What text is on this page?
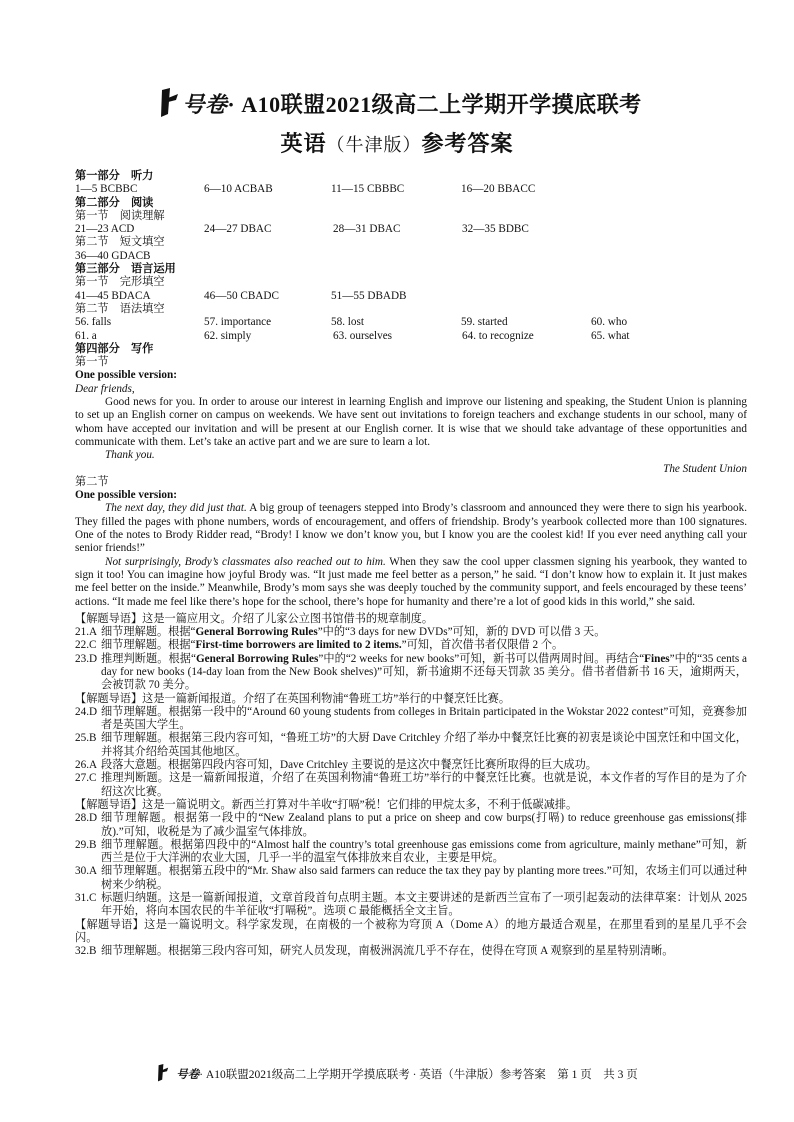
号卷· A10联盟2021级高二上学期开学摸底联考
英语（牛津版）参考答案
第一部分　听力
1—5 BCBBC	6—10 ACBAB	11—15 CBBBC	16—20 BBACC
第二部分　阅读
第一节　阅读理解
21—23 ACD	24—27 DBAC	28—31 DBAC	32—35 BDBC
第二节　短文填空
36—40 GDACB
第三部分　语言运用
第一节　完形填空
41—45 BDACA	46—50 CBADC	51—55 DBADB
第二节　语法填空
56. falls	57. importance	58. lost	59. started	60. who
61. a	62. simply	63. ourselves	64. to recognize	65. what
第四部分　写作
第一节
One possible version:
Dear friends,

Good news for you. In order to arouse our interest in learning English and improve our listening and speaking, the Student Union is planning to set up an English corner on campus on weekends. We have sent out invitations to foreign teachers and exchange students in our school, many of whom have accepted our invitation and will be present at our English corner. It is wise that we should take advantage of these opportunities and communicate with them. Let’s take an active part and we are sure to learn a lot.

Thank you.
The Student Union
第二节
One possible version:

The next day, they did just that. A big group of teenagers stepped into Brody’s classroom and announced they were there to sign his yearbook. They filled the pages with phone numbers, words of encouragement, and offers of friendship. Brody’s yearbook collected more than 100 signatures. One of the notes to Brody Ridder read, “Brody! I know we don’t know you, but I know you are the coolest kid! If you ever need anything call your senior friends!”

Not surprisingly, Brody’s classmates also reached out to him. When they saw the cool upper classmen signing his yearbook, they wanted to sign it too! You can imagine how joyful Brody was. “It just made me feel better as a person,” he said. “I don’t know how to explain it. It just makes me feel better on the inside.” Meanwhile, Brody’s mom says she was deeply touched by the community support, and feels encouraged by these teens’ actions. “It made me feel like there’s hope for the school, there’s hope for humanity and there’re a lot of good kids in this world,” she said.

【解题导语】这是一篇应用文。介绍了儿家公立图书馆借书的规章制度。
21.A 细节理解题。根据“General Borrowing Rules”中的“3 days for new DVDs”可知，新的 DVD 可以借 3 天。
22.C 细节理解题。根据“First-time borrowers are limited to 2 items.”可知，首次借书者仅限借 2 个。
23.D 推理判断题。根据“General Borrowing Rules”中的“2 weeks for new books”可知，新书可以借两周时间。再结合“Fines”中的“35 cents a day for new books (14-day loan from the New Book shelves)”可知，新书逾期不还每天罚款 35 美分。借书者借新书 16 天，逾期两天，会被罚款 70 美分。
【解题导语】这是一篇新闻报道。介绍了在英国利物浦“鲁班工坊”举行的中餐烹饪比赛。
24.D 细节理解题。根据第一段中的“Around 60 young students from colleges in Britain participated in the Wokstar 2022 contest”可知，竞赛参加者是英国大学生。
25.B 细节理解题。根据第三段内容可知，“鲁班工坊”的大厨 Dave Critchley 介绍了举办中餐烹饪比赛的初衷是谈论中国烹饪和中国文化，并将其介绍给英国其他地区。
26.A 段落大意题。根据第四段内容可知，Dave Critchley 主要说的是这次中餐烹饪比赛所取得的巨大成功。
27.C 推理判断题。这是一篇新闻报道，介绍了在英国利物浦“鲁班工坊”举行的中餐烹饪比赛。也就是说，本文作者的写作目的是为了介绍这次比赛。
【解题导语】这是一篇说明文。新西兰打算对牛羊收“打嗝”税！它们排的甲烷太多，不利于低碳减排。
28.D 细节理解题。根据第一段中的“New Zealand plans to put a price on sheep and cow burps(打嗝) to reduce greenhouse gas emissions(排放).”可知，收税是为了减少温室气体排放。
29.B 细节理解题。根据第四段中的“Almost half the country’s total greenhouse gas emissions come from agriculture, mainly methane”可知，新西兰是位于大洋洲的农业大国，几乎一半的温室气体排放来自农业，主要是甲烷。
30.A 细节理解题。根据第五段中的“Mr. Shaw also said farmers can reduce the tax they pay by planting more trees.”可知，农场主们可以通过种树来少纳税。
31.C 标题归纳题。这是一篇新闻报道，文章首段首句点明主题。本文主要讲述的是新西兰宣布了一项引起轰动的法律草案：计划从 2025 年开始，将向本国农民的牛羊征收“打嗝税”。选项 C 最能概括全文主旨。
【解题导语】这是一篇说明文。科学家发现，在南极的一个被称为穹顶 A（Dome A）的地方最适合观星，在那里看到的星星几乎不会闪。
32.B 细节理解题。根据第三段内容可知，研究人员发现，南极洲涡流几乎不存在，使得在穹顶 A 观察到的星星特别清晰。
号卷· A10联盟2021级高二上学期开学摸底联考 · 英语（牛津版）参考答案　第 1 页　共 3 页
